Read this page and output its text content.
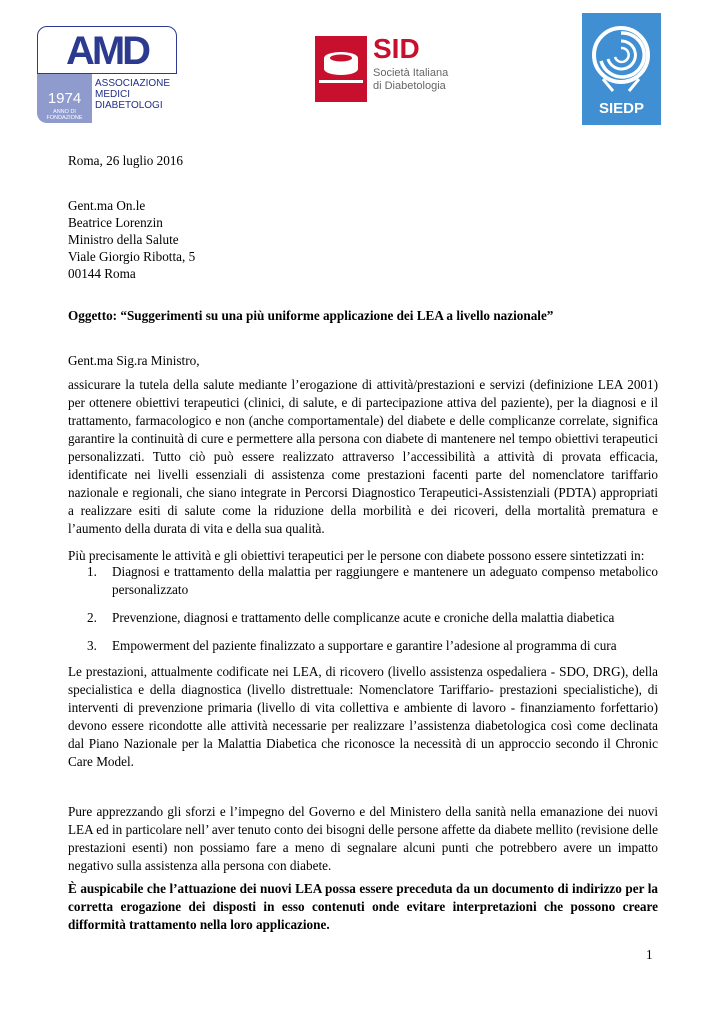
AMD
1974
ANNO DI FONDAZIONE
ASSOCIAZIONE
MEDICI
DIABETOLOGI
SID
Società Italiana
di Diabetologia
SIEDP

Roma, 26 luglio 2016

Gent.ma On.le

Beatrice Lorenzin

Ministro della Salute

Viale Giorgio Ribotta, 5

00144 Roma

Oggetto: “Suggerimenti su una più uniforme applicazione dei LEA a livello nazionale”

Gent.ma Sig.ra Ministro,

assicurare la tutela della salute mediante l’erogazione di attività/prestazioni e servizi (definizione LEA 2001) per ottenere obiettivi terapeutici (clinici, di salute, e di partecipazione attiva del paziente), per la diagnosi e il trattamento, farmacologico e non (anche comportamentale) del diabete e delle complicanze correlate, significa garantire la continuità di cure e permettere alla persona con diabete di mantenere nel tempo obiettivi terapeutici personalizzati. Tutto ciò può essere realizzato attraverso l’accessibilità a attività di provata efficacia, identificate nei livelli essenziali di assistenza come prestazioni facenti parte del nomenclatore tariffario nazionale e regionali, che siano integrate in Percorsi Diagnostico Terapeutici-Assistenziali (PDTA) appropriati a realizzare esiti di salute come la riduzione della morbilità e dei ricoveri, della mortalità prematura e l’aumento della durata di vita e della sua qualità.

Più precisamente le attività e gli obiettivi terapeutici per le persone con diabete possono essere sintetizzati in:

1. Diagnosi e trattamento della malattia per raggiungere e mantenere un adeguato compenso metabolico personalizzato
2. Prevenzione, diagnosi e trattamento delle complicanze acute e croniche della malattia diabetica
3. Empowerment del paziente finalizzato a supportare e garantire l’adesione al programma di cura

Le prestazioni, attualmente codificate nei LEA, di ricovero (livello assistenza ospedaliera - SDO, DRG), della specialistica e della diagnostica (livello distrettuale: Nomenclatore Tariffario- prestazioni specialistiche), di interventi di prevenzione primaria (livello di vita collettiva e ambiente di lavoro - finanziamento forfettario) devono essere ricondotte alle attività necessarie per realizzare l’assistenza diabetologica così come declinata dal Piano Nazionale per la Malattia Diabetica che riconosce la necessità di un approccio secondo il Chronic Care Model.

Pure apprezzando gli sforzi e l’impegno del Governo e del Ministero della sanità nella emanazione dei nuovi LEA ed in particolare nell’ aver tenuto conto dei bisogni delle persone affette da diabete mellito (revisione delle prestazioni esenti) non possiamo fare a meno di segnalare alcuni punti che potrebbero avere un impatto negativo sulla assistenza alla persona con diabete.

È auspicabile che l’attuazione dei nuovi LEA possa essere preceduta da un documento di indirizzo per la corretta erogazione dei disposti in esso contenuti onde evitare interpretazioni che possono creare difformità trattamento nella loro applicazione.

1
